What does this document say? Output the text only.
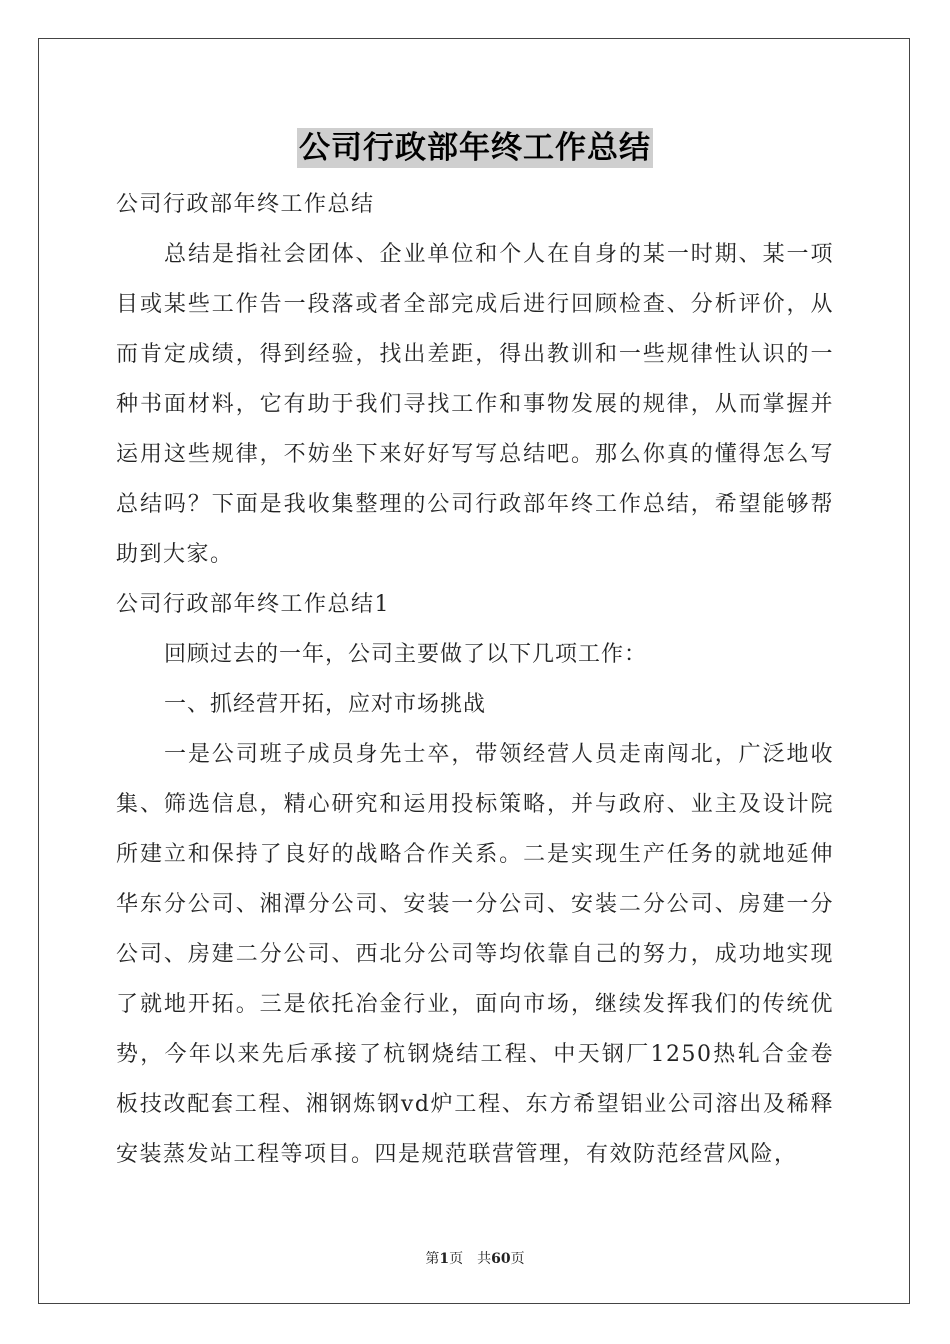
公司行政部年终工作总结

公司行政部年终工作总结

总结是指社会团体、企业单位和个人在自身的某一时期、某一项目或某些工作告一段落或者全部完成后进行回顾检查、分析评价，从而肯定成绩，得到经验，找出差距，得出教训和一些规律性认识的一种书面材料，它有助于我们寻找工作和事物发展的规律，从而掌握并运用这些规律，不妨坐下来好好写写总结吧。那么你真的懂得怎么写总结吗？下面是我收集整理的公司行政部年终工作总结，希望能够帮助到大家。

公司行政部年终工作总结1

回顾过去的一年，公司主要做了以下几项工作：

一、抓经营开拓，应对市场挑战

一是公司班子成员身先士卒，带领经营人员走南闯北，广泛地收集、筛选信息，精心研究和运用投标策略，并与政府、业主及设计院所建立和保持了良好的战略合作关系。二是实现生产任务的就地延伸华东分公司、湘潭分公司、安装一分公司、安装二分公司、房建一分公司、房建二分公司、西北分公司等均依靠自己的努力，成功地实现了就地开拓。三是依托冶金行业，面向市场，继续发挥我们的传统优势，今年以来先后承接了杭钢烧结工程、中天钢厂1250热轧合金卷板技改配套工程、湘钢炼钢vd炉工程、东方希望铝业公司溶出及稀释安装蒸发站工程等项目。四是规范联营管理，有效防范经营风险，

第1页　共60页
